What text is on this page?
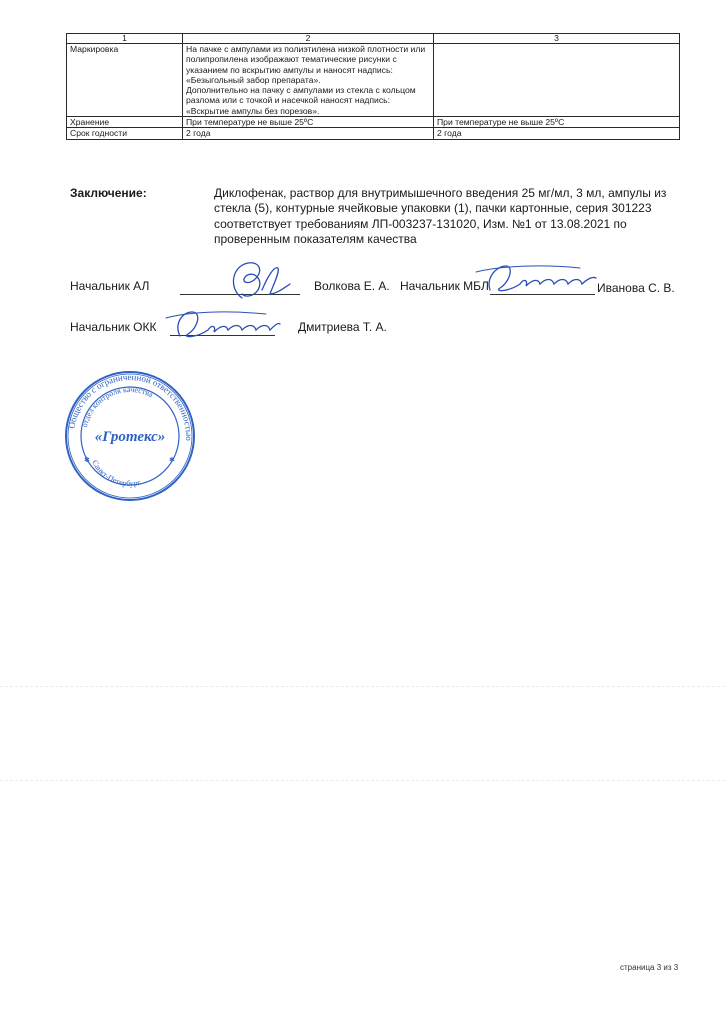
1	2	3
Маркировка	На пачке с ампулами из полиэтилена низкой плотности или полипропилена изображают тематические рисунки с указанием по вскрытию ампулы и наносят надпись: «Безыгольный забор препарата».
Дополнительно на пачку с ампулами из стекла с кольцом разлома или с точкой и насечкой наносят надпись: «Вскрытие ампулы без порезов».	

Хранение	При температуре не выше 25ºC	При температуре не выше 25ºC
Срок годности	2 года	2 года
Заключение:	Диклофенак, раствор для внутримышечного введения 25 мг/мл, 3 мл, ампулы из стекла (5), контурные ячейковые упаковки (1), пачки картонные, серия 301223 соответствует требованиям ЛП-003237-131020, Изм. №1 от 13.08.2021 по проверенным показателям качества
Начальник АЛ	Волкова Е. А. Начальник МБЛ	Иванова С. В.
Начальник ОКК	Дмитриева Т. А.
Общество с ограниченной ответственностью
отдел контроля качества
«Гротекс»
Санкт-Петербург
✱	✱
страница 3 из 3
